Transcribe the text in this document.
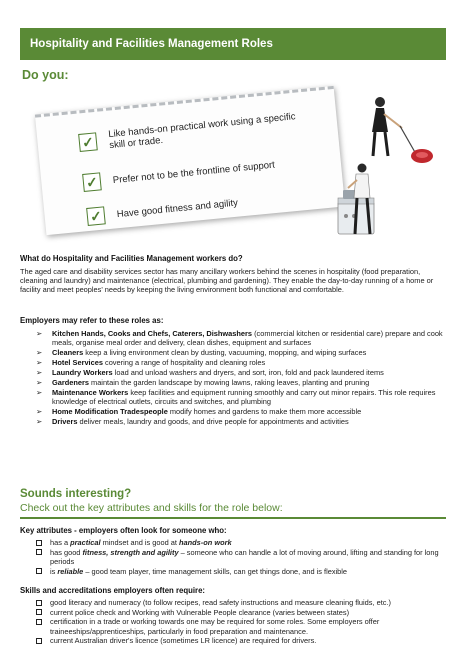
Hospitality and Facilities Management Roles
Do you:
✓
Like hands-on practical work using a specific skill or trade.
✓	Prefer not to be the frontline of support
✓	Have good fitness and agility
What do Hospitality and Facilities Management workers do?
The aged care and disability services sector has many ancillary workers behind the scenes in hospitality (food preparation, cleaning and laundry) and maintenance (electrical, plumbing and gardening). They enable the day-to-day running of a home or facility and meet peoples' needs by keeping the living environment both functional and comfortable.
Employers may refer to these roles as:
➢ Kitchen Hands, Cooks and Chefs, Caterers, Dishwashers (commercial kitchen or residential care) prepare and cook meals, organise meal order and delivery, clean dishes, equipment and surfaces
➢ Cleaners keep a living environment clean by dusting, vacuuming, mopping, and wiping surfaces
➢ Hotel Services covering a range of hospitality and cleaning roles
➢ Laundry Workers load and unload washers and dryers, and sort, iron, fold and pack laundered items
➢ Gardeners maintain the garden landscape by mowing lawns, raking leaves, planting and pruning
➢ Maintenance Workers keep facilities and equipment running smoothly and carry out minor repairs. This role requires knowledge of electrical outlets, circuits and switches, and plumbing
➢ Home Modification Tradespeople modify homes and gardens to make them more accessible
➢ Drivers deliver meals, laundry and goods, and drive people for appointments and activities
Sounds interesting?
Check out the key attributes and skills for the role below:
Key attributes - employers often look for someone who:
has a practical mindset and is good at hands-on work
has good fitness, strength and agility – someone who can handle a lot of moving around, lifting and standing for long periods
is reliable – good team player, time management skills, can get things done, and is flexible
Skills and accreditations employers often require:
good literacy and numeracy (to follow recipes, read safety instructions and measure cleaning fluids, etc.)
current police check and Working with Vulnerable People clearance (varies between states)
certification in a trade or working towards one may be required for some roles. Some employers offer traineeships/apprenticeships, particularly in food preparation and maintenance.
current Australian driver's licence (sometimes LR licence) are required for drivers.
